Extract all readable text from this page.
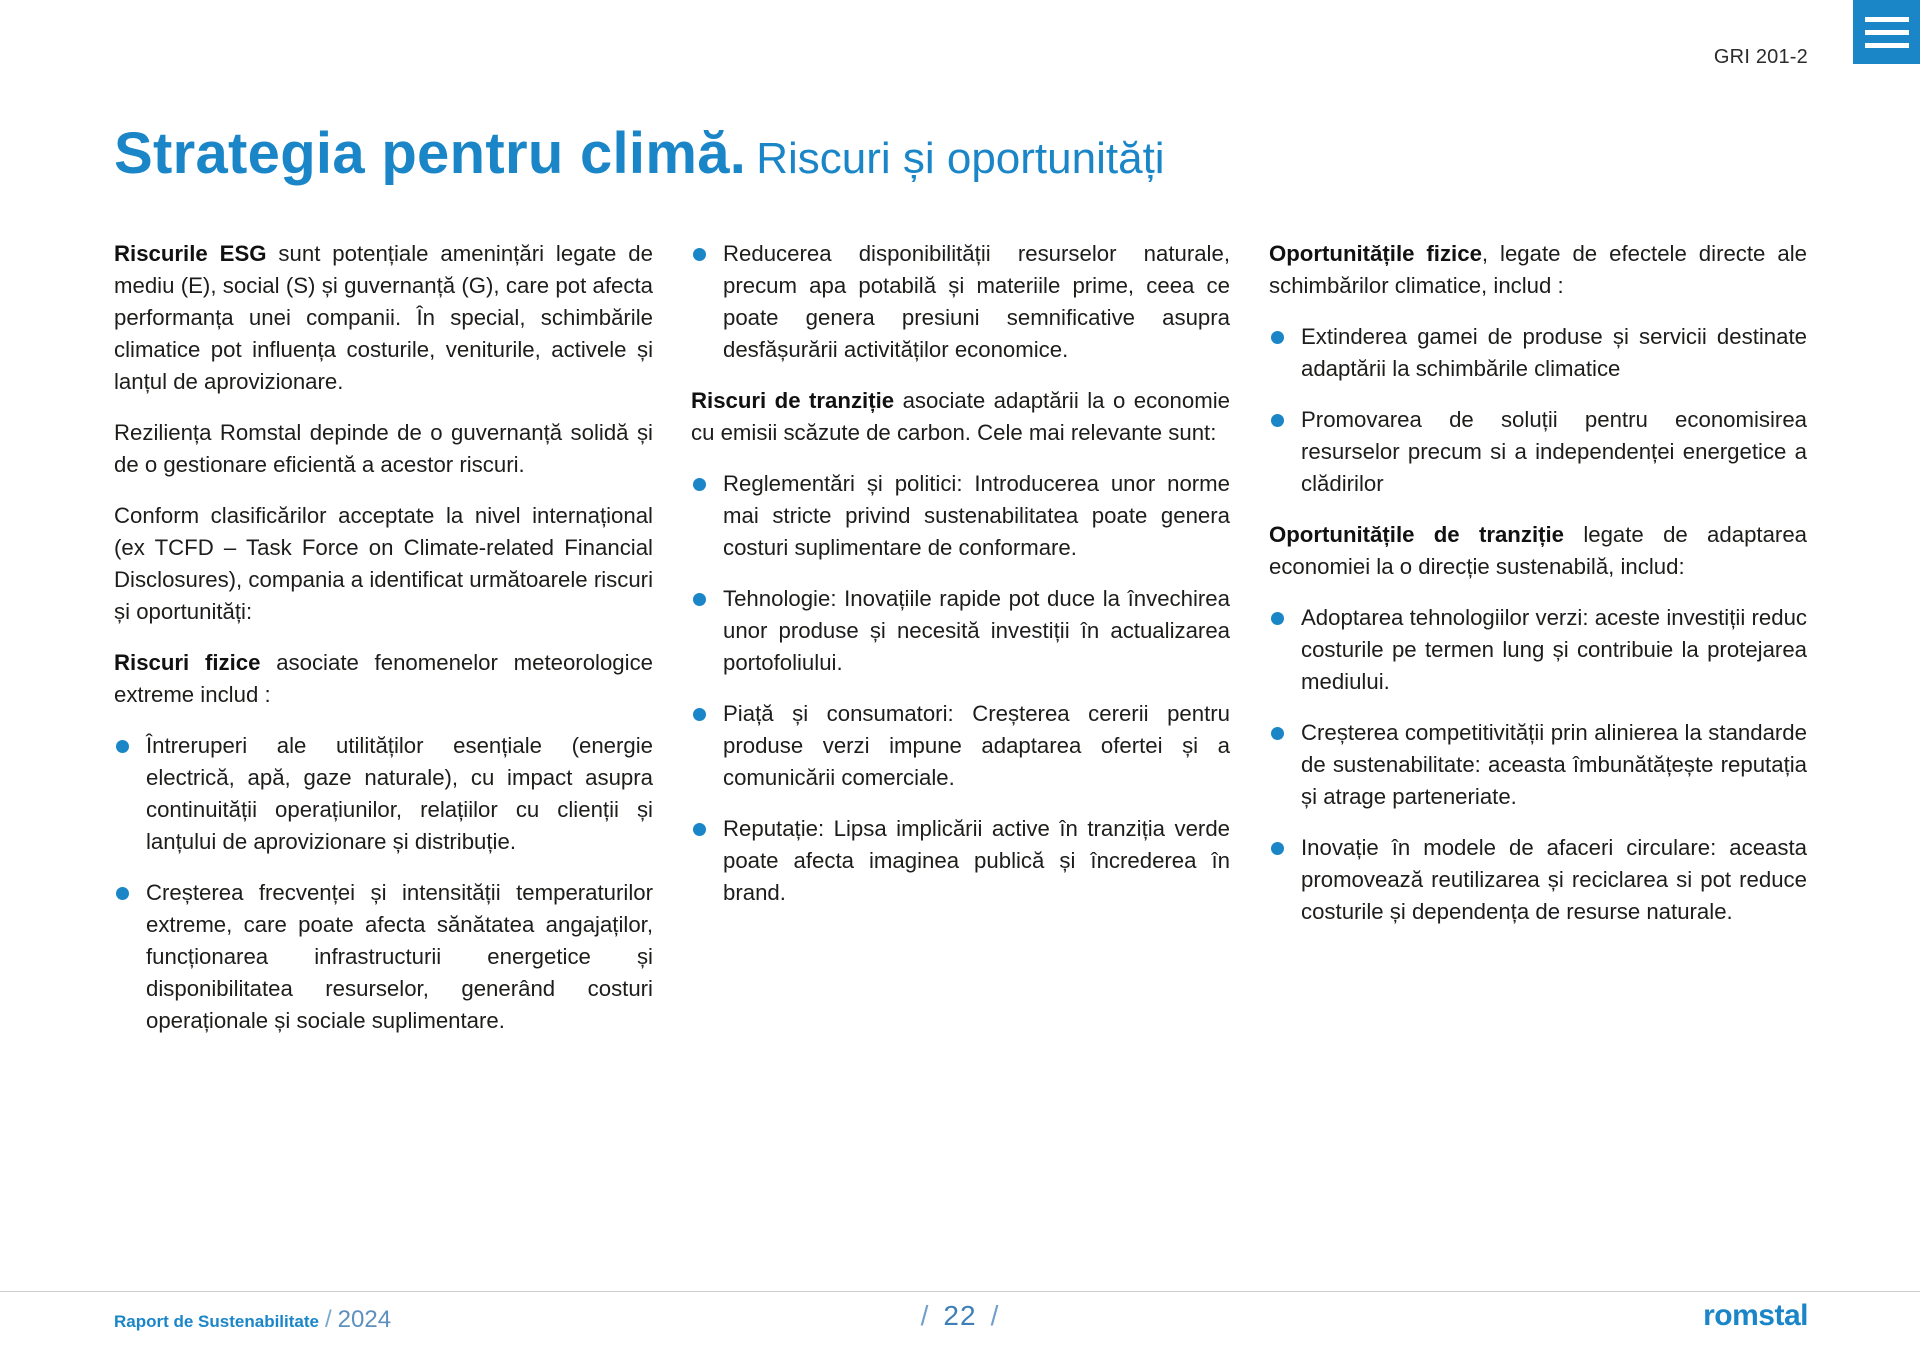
GRI 201-2
Strategia pentru climă. Riscuri și oportunități

Riscurile ESG sunt potențiale amenințări legate de mediu (E), social (S) și guvernanță (G), care pot afecta performanța unei companii. În special, schimbările climatice pot influența costurile, veniturile, activele și lanțul de aprovizionare.

Reziliența Romstal depinde de o guvernanță solidă și de o gestionare eficientă a acestor riscuri.

Conform clasificărilor acceptate la nivel internațional (ex TCFD – Task Force on Climate-related Financial Disclosures), compania a identificat următoarele riscuri și oportunități:

Riscuri fizice asociate fenomenelor meteorologice extreme includ :

Întreruperi ale utilităților esențiale (energie electrică, apă, gaze naturale), cu impact asupra continuității operațiunilor, relațiilor cu clienții și lanțului de aprovizionare și distribuție.
Creșterea frecvenței și intensității temperaturilor extreme, care poate afecta sănătatea angajaților, funcționarea infrastructurii energetice și disponibilitatea resurselor, generând costuri operaționale și sociale suplimentare.
Reducerea disponibilității resurselor naturale, precum apa potabilă și materiile prime, ceea ce poate genera presiuni semnificative asupra desfășurării activităților economice.

Riscuri de tranziție asociate adaptării la o economie cu emisii scăzute de carbon. Cele mai relevante sunt:

Reglementări și politici: Introducerea unor norme mai stricte privind sustenabilitatea poate genera costuri suplimentare de conformare.
Tehnologie: Inovațiile rapide pot duce la învechirea unor produse și necesită investiții în actualizarea portofoliului.
Piață și consumatori: Creșterea cererii pentru produse verzi impune adaptarea ofertei și a comunicării comerciale.
Reputație: Lipsa implicării active în tranziția verde poate afecta imaginea publică și încrederea în brand.

Oportunitățile fizice, legate de efectele directe ale schimbărilor climatice, includ :

Extinderea gamei de produse și servicii destinate adaptării la schimbările climatice
Promovarea de soluții pentru economisirea resurselor precum si a independenței energetice a clădirilor

Oportunitățile de tranziție legate de adaptarea economiei la o direcție sustenabilă, includ:

Adoptarea tehnologiilor verzi: aceste investiții reduc costurile pe termen lung și contribuie la protejarea mediului.
Creșterea competitivității prin alinierea la standarde de sustenabilitate: aceasta îmbunătățește reputația și atrage parteneriate.
Inovație în modele de afaceri circulare: aceasta promovează reutilizarea și reciclarea si pot reduce costurile și dependența de resurse naturale.
Raport de Sustenabilitate / 2024	/ 22 /	romstal
